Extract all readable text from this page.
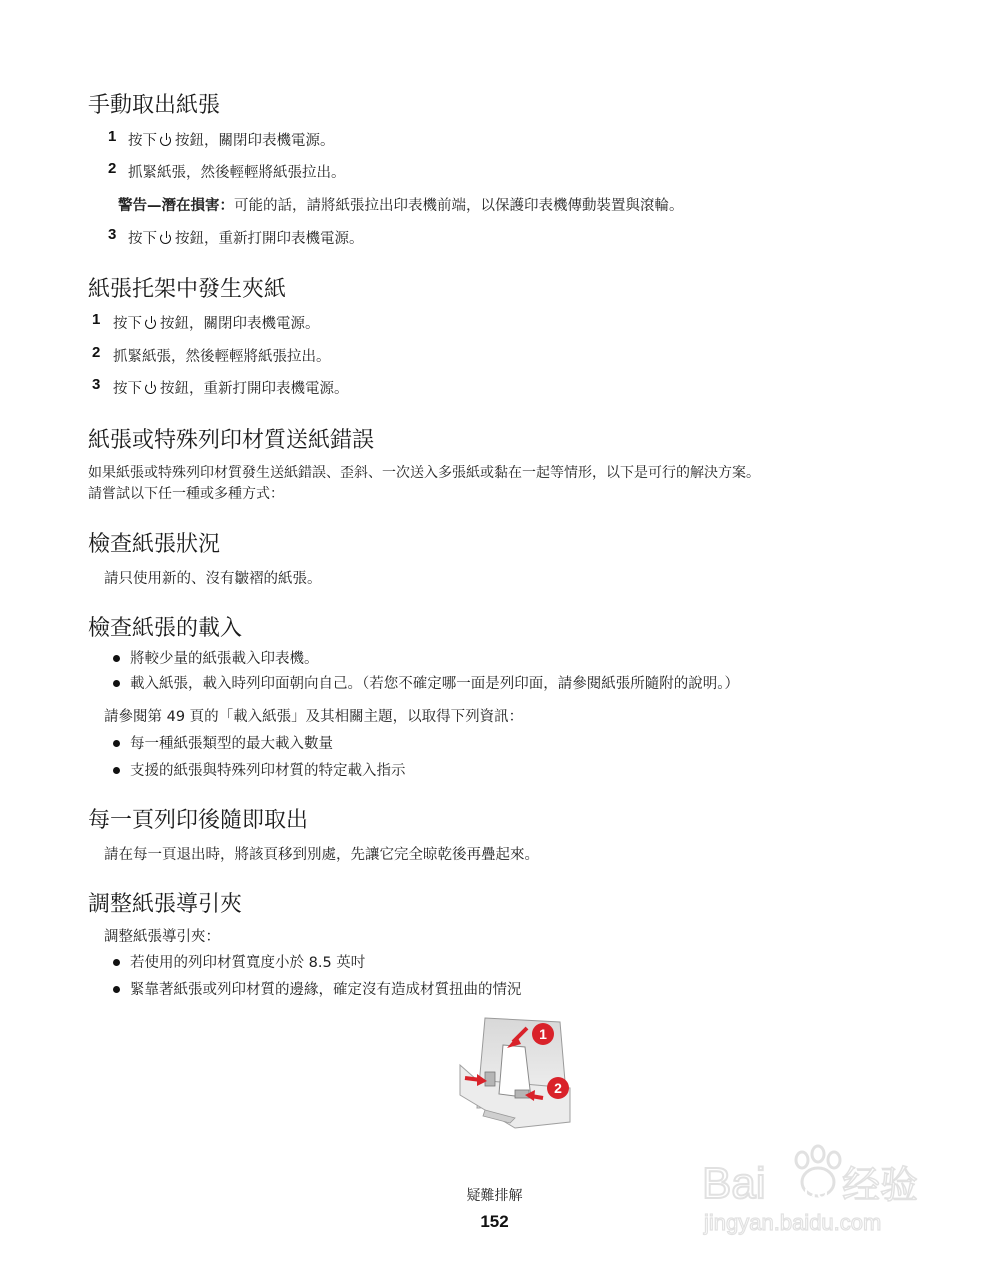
手動取出紙張
1 按下 按鈕，關閉印表機電源。
2 抓緊紙張，然後輕輕將紙張拉出。
警告—潛在損害：可能的話，請將紙張拉出印表機前端，以保護印表機傳動裝置與滾輪。
3 按下 按鈕，重新打開印表機電源。
紙張托架中發生夾紙
1 按下 按鈕，關閉印表機電源。
2 抓緊紙張，然後輕輕將紙張拉出。
3 按下 按鈕，重新打開印表機電源。
紙張或特殊列印材質送紙錯誤
如果紙張或特殊列印材質發生送紙錯誤、歪斜、一次送入多張紙或黏在一起等情形，以下是可行的解決方案。
請嘗試以下任一種或多種方式：
檢查紙張狀況
請只使用新的、沒有皺褶的紙張。
檢查紙張的載入
將較少量的紙張載入印表機。
載入紙張，載入時列印面朝向自己。（若您不確定哪一面是列印面，請參閱紙張所隨附的說明。）
請參閱第 49 頁的「載入紙張」及其相關主題，以取得下列資訊：
每一種紙張類型的最大載入數量
支援的紙張與特殊列印材質的特定載入指示
每一頁列印後隨即取出
請在每一頁退出時，將該頁移到別處，先讓它完全晾乾後再疊起來。
調整紙張導引夾
調整紙張導引夾：
若使用的列印材質寬度小於 8.5 英吋
緊靠著紙張或列印材質的邊緣，確定沒有造成材質扭曲的情況
1
2
疑難排解
152
Bai du 经验
jingyan.baidu.com
